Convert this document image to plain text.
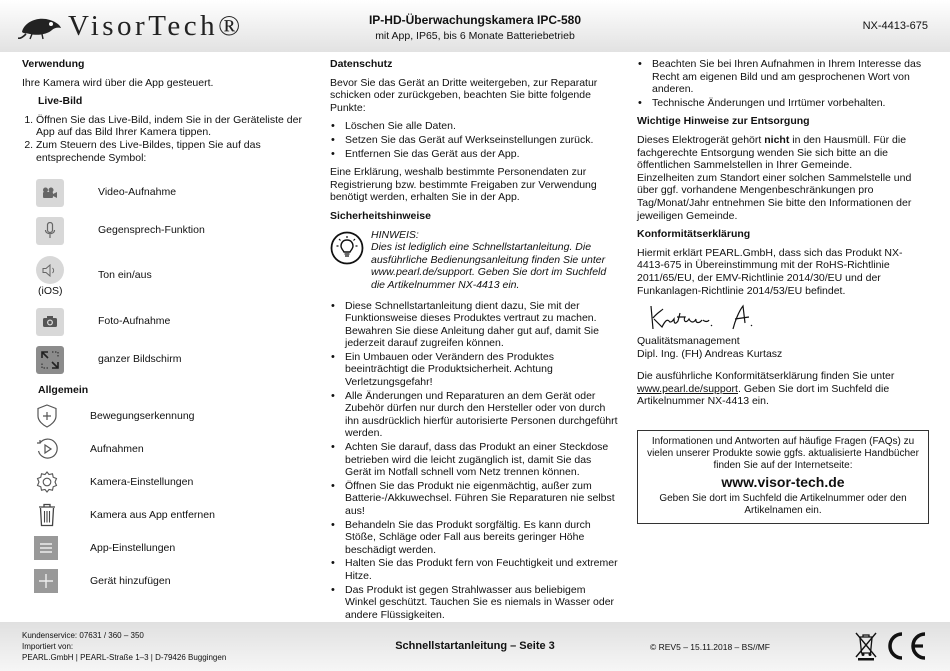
VisorTech®	IP-HD-Überwachungskamera IPC-580
mit App, IP65, bis 6 Monate Batteriebetrieb
NX-4413-675
Verwendung

Ihre Kamera wird über die App gesteuert.

Live-Bild
1. Öffnen Sie das Live-Bild, indem Sie in der Geräteliste der App auf das Bild Ihrer Kamera tippen.
2. Zum Steuern des Live-Bildes, tippen Sie auf das entsprechende Symbol:
Video-Aufnahme
Gegensprech-Funktion
Ton ein/aus
(iOS)
Foto-Aufnahme
ganzer Bildschirm
Allgemein
Bewegungserkennung
Aufnahmen
Kamera-Einstellungen
Kamera aus App entfernen
App-Einstellungen
Gerät hinzufügen
Datenschutz

Bevor Sie das Gerät an Dritte weitergeben, zur Reparatur schicken oder zurückgeben, beachten Sie bitte folgende Punkte:

• Löschen Sie alle Daten.
• Setzen Sie das Gerät auf Werkseinstellungen zurück.
• Entfernen Sie das Gerät aus der App.

Eine Erklärung, weshalb bestimmte Personendaten zur Registrierung bzw. bestimmte Freigaben zur Verwendung benötigt werden, erhalten Sie in der App.

Sicherheitshinweise
HINWEIS:
Dies ist lediglich eine Schnellstartanleitung. Die ausführliche Bedienungsanleitung finden Sie unter www.pearl.de/support. Geben Sie dort im Suchfeld die Artikelnummer NX-4413 ein.
• Diese Schnellstartanleitung dient dazu, Sie mit der Funktionsweise dieses Produktes vertraut zu machen. Bewahren Sie diese Anleitung daher gut auf, damit Sie jederzeit darauf zugreifen können.
• Ein Umbauen oder Verändern des Produktes beeinträchtigt die Produktsicherheit. Achtung Verletzungsgefahr!
• Alle Änderungen und Reparaturen an dem Gerät oder Zubehör dürfen nur durch den Hersteller oder von durch ihn ausdrücklich hierfür autorisierte Personen durchgeführt werden.
• Achten Sie darauf, dass das Produkt an einer Steckdose betrieben wird die leicht zugänglich ist, damit Sie das Gerät im Notfall schnell vom Netz trennen können.
• Öffnen Sie das Produkt nie eigenmächtig, außer zum Batterie-/Akkuwechsel. Führen Sie Reparaturen nie selbst aus!
• Behandeln Sie das Produkt sorgfältig. Es kann durch Stöße, Schläge oder Fall aus bereits geringer Höhe beschädigt werden.
• Halten Sie das Produkt fern von Feuchtigkeit und extremer Hitze.
• Das Produkt ist gegen Strahlwasser aus beliebigem Winkel geschützt. Tauchen Sie es niemals in Wasser oder andere Flüssigkeiten.
•
•
• Beachten Sie bei Ihren Aufnahmen in Ihrem Interesse das Recht am eigenen Bild und am gesprochenen Wort von anderen.
• Technische Änderungen und Irrtümer vorbehalten.
Wichtige Hinweise zur Entsorgung

Dieses Elektrogerät gehört nicht in den Hausmüll. Für die fachgerechte Entsorgung wenden Sie sich bitte an die öffentlichen Sammelstellen in Ihrer Gemeinde.

Einzelheiten zum Standort einer solchen Sammelstelle und über ggf. vorhandene Mengenbeschränkungen pro Tag/Monat/Jahr entnehmen Sie bitte den Informationen der jeweiligen Gemeinde.

Konformitätserklärung

Hiermit erklärt PEARL.GmbH, dass sich das Produkt NX-4413-675 in Übereinstimmung mit der RoHS-Richtlinie 2011/65/EU, der EMV-Richtlinie 2014/30/EU und der Funkanlagen-Richtlinie 2014/53/EU befindet.

Qualitätsmanagement

Dipl. Ing. (FH) Andreas Kurtasz

Die ausführliche Konformitätserklärung finden Sie unter www.pearl.de/support. Geben Sie dort im Suchfeld die Artikelnummer NX-4413 ein.

Informationen und Antworten auf häufige Fragen (FAQs) zu vielen unserer Produkte sowie ggfs. aktualisierte Handbücher finden Sie auf der Internetseite:
www.visor-tech.de
Geben Sie dort im Suchfeld die Artikelnummer oder den Artikelnamen ein.
Kundenservice: 07631 / 360 – 350
Importiert von:
PEARL.GmbH | PEARL-Straße 1–3 | D-79426 Buggingen
Schnellstartanleitung – Seite 3	© REV5 – 15.11.2018 – BS//MF
